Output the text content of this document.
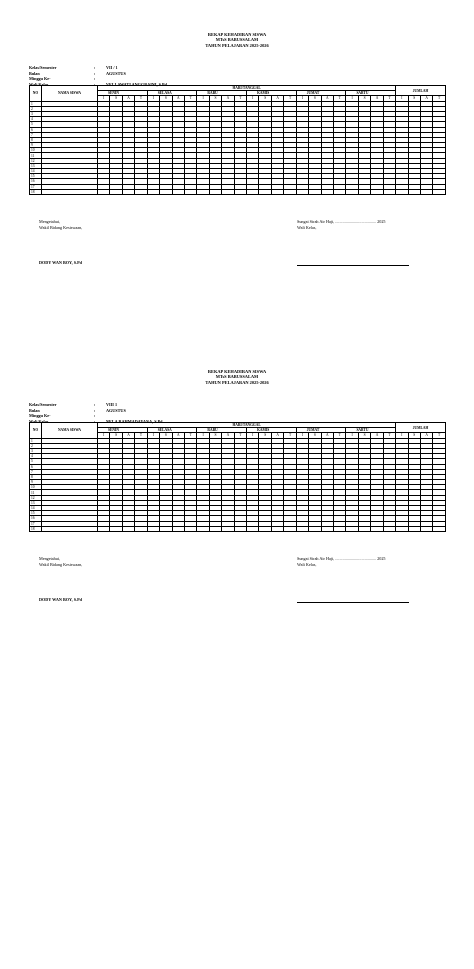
REKAP KEHADIRAN SISWA
MTsS BABUSSALAM
TAHUN PELAJARAN 2025-2026
Kelas/Semester	:	VII / 1
Bulan	:	AGUSTUS
Minggu Ke-	:
Wali Kelas	:	VELLAWATI ANGGRAINI, S.Pd
NO	NAMA SISWA	HARI/TANGGAL																								JUMLAH			
		SENIN				SELASA				RABU				KAMIS				JUMAT				SABTU							
		I	S	A	T	I	S	A	T	I	S	A	T	I	S	A	T	I	S	A	T	I	S	A	T	I	S	A	T
1																													
2																													
3																													
4																													
5																													
6																													
7																													
8																													
9																													
10																													
11																													
12																													
13																													
14																													
15																													
16																													
17																													
18																													
Mengetahui,
Wakil Bidang Kesiswaan,
DODY WAN BOY, S.Pd
Sungai Sirah Air Haji, ....................................... 2025
Wali Kelas,
REKAP KEHADIRAN SISWA
MTsS BABUSSALAM
TAHUN PELAJARAN 2025-2026
Kelas/Semester	:	VIII 1
Bulan	:	AGUSTUS
Minggu Ke-	:
Wali Kelas	:	NELA RAHMADAYANA, S.Pd
NO	NAMA SISWA	HARI/TANGGAL																								JUMLAH			
		SENIN				SELASA				RABU				KAMIS				JUMAT				SABTU							
		I	S	A	T	I	S	A	T	I	S	A	T	I	S	A	T	I	S	A	T	I	S	A	T	I	S	A	T
1																													
2																													
3																													
4																													
5																													
6																													
7																													
8																													
9																													
10																													
11																													
12																													
13																													
14																													
15																													
16																													
17																													
18																													
Mengetahui,
Wakil Bidang Kesiswaan,
DODY WAN BOY, S.Pd
Sungai Sirah Air Haji, ....................................... 2025
Wali Kelas,
